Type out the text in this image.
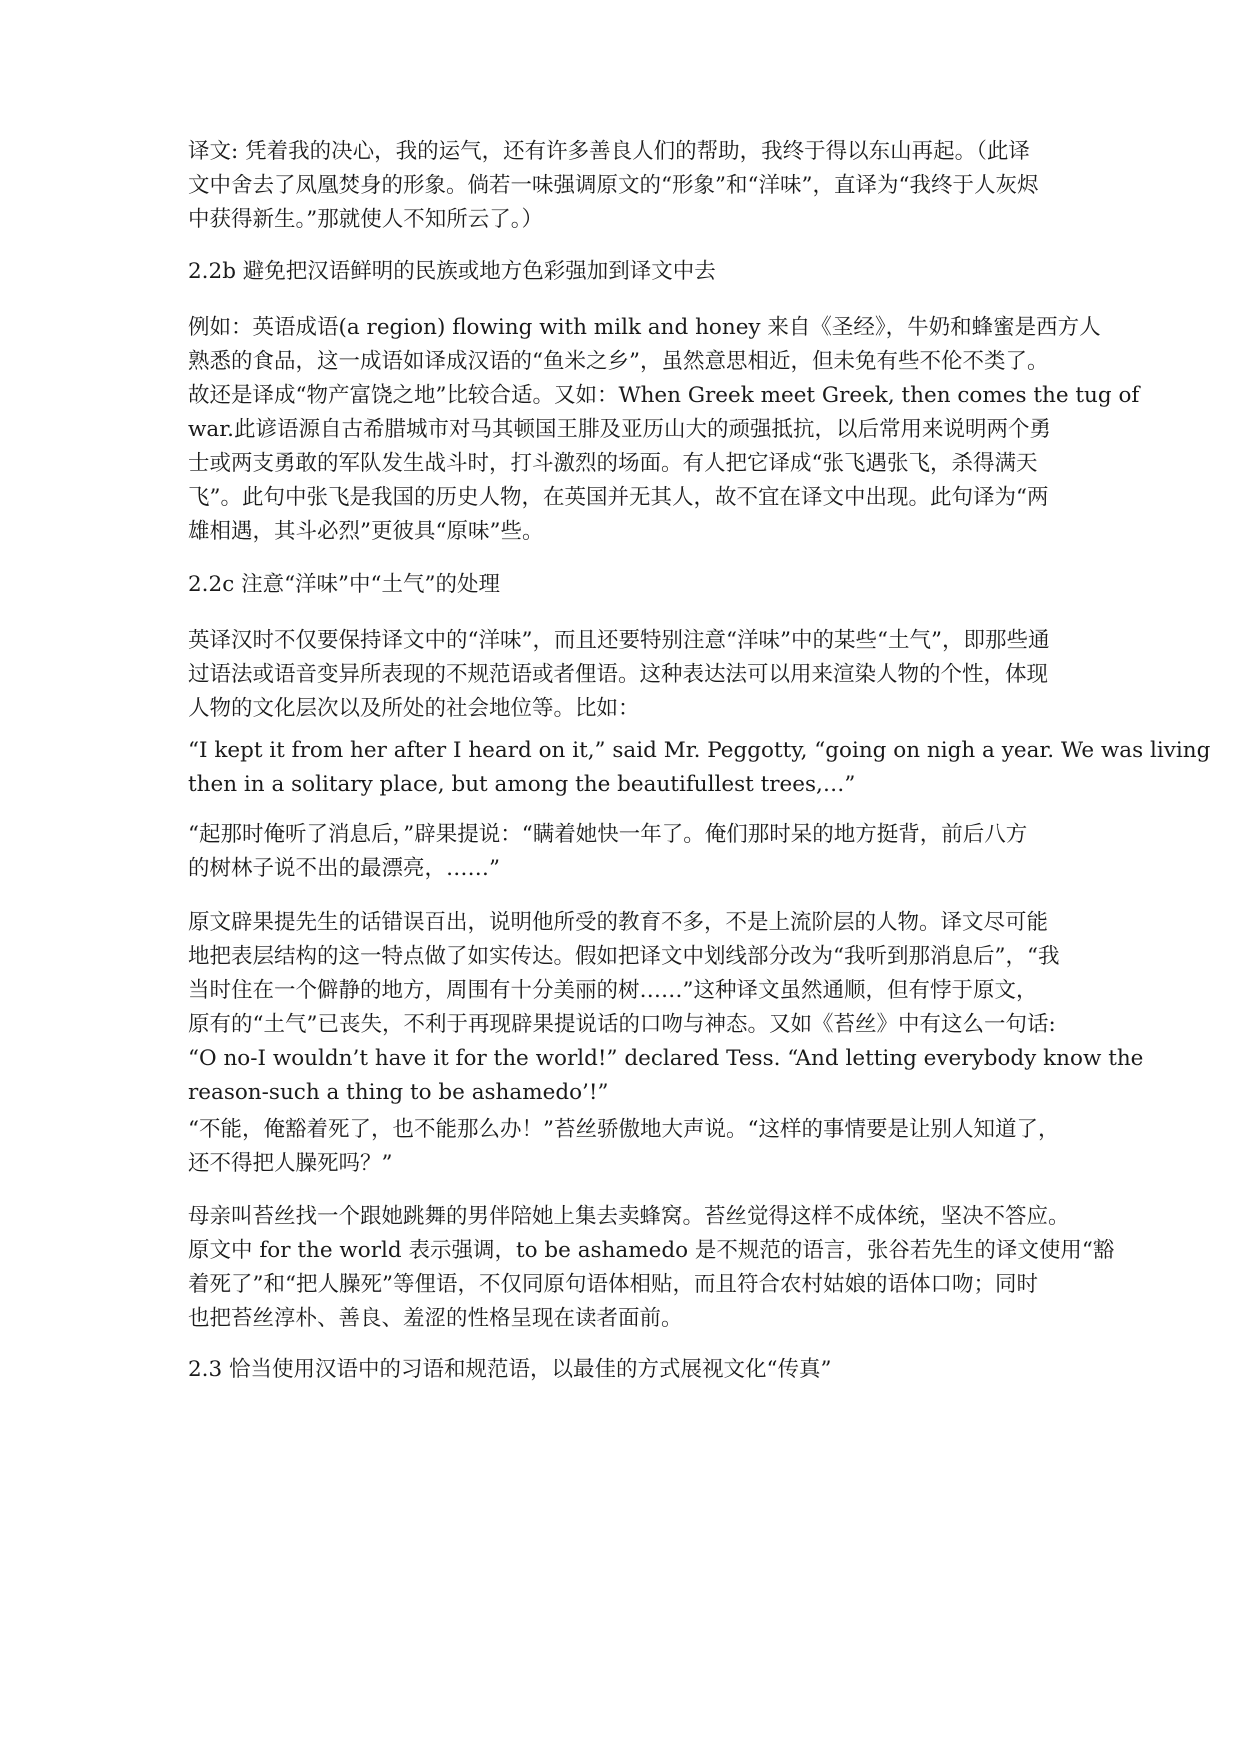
译文: 凭着我的决心，我的运气，还有许多善良人们的帮助，我终于得以东山再起。（此译
文中舍去了凤凰焚身的形象。倘若一味强调原文的“形象”和“洋味”，直译为“我终于人灰烬
中获得新生。”那就使人不知所云了。）
2.2b 避免把汉语鲜明的民族或地方色彩强加到译文中去
例如：英语成语(a region) flowing with milk and honey 来自《圣经》，牛奶和蜂蜜是西方人
熟悉的食品，这一成语如译成汉语的“鱼米之乡”，虽然意思相近，但未免有些不伦不类了。
故还是译成“物产富饶之地”比较合适。又如：When Greek meet Greek, then comes the tug of
war.此谚语源自古希腊城市对马其顿国王腓及亚历山大的顽强抵抗，以后常用来说明两个勇
士或两支勇敢的军队发生战斗时，打斗激烈的场面。有人把它译成“张飞遇张飞，杀得满天
飞”。此句中张飞是我国的历史人物，在英国并无其人，故不宜在译文中出现。此句译为“两
雄相遇，其斗必烈”更彼具“原味”些。
2.2c 注意“洋味”中“土气”的处理
英译汉时不仅要保持译文中的“洋味”，而且还要特别注意“洋味”中的某些“土气”，即那些通
过语法或语音变异所表现的不规范语或者俚语。这种表达法可以用来渲染人物的个性，体现
人物的文化层次以及所处的社会地位等。比如：
“I kept it from her after I heard on it,” said Mr. Peggotty, “going on nigh a year. We was living
then in a solitary place, but among the beautifullest trees,…”
“起那时俺听了消息后，”辟果提说：“瞒着她快一年了。俺们那时呆的地方挺背，前后八方
的树林子说不出的最漂亮，……”
原文辟果提先生的话错误百出，说明他所受的教育不多，不是上流阶层的人物。译文尽可能
地把表层结构的这一特点做了如实传达。假如把译文中划线部分改为“我听到那消息后”，“我
当时住在一个僻静的地方，周围有十分美丽的树……”这种译文虽然通顺，但有悖于原文，
原有的“土气”已丧失，不利于再现辟果提说话的口吻与神态。又如《苔丝》中有这么一句话:
“O no-I wouldn’t have it for the world!” declared Tess. “And letting everybody know the
reason-such a thing to be ashamedo’!”
“不能，俺豁着死了，也不能那么办！”苔丝骄傲地大声说。“这样的事情要是让别人知道了，
还不得把人臊死吗？”
母亲叫苔丝找一个跟她跳舞的男伴陪她上集去卖蜂窝。苔丝觉得这样不成体统，坚决不答应。
原文中 for the world 表示强调，to be ashamedo 是不规范的语言，张谷若先生的译文使用“豁
着死了”和“把人臊死”等俚语，不仅同原句语体相贴，而且符合农村姑娘的语体口吻；同时
也把苔丝淳朴、善良、羞涩的性格呈现在读者面前。
2.3 恰当使用汉语中的习语和规范语，以最佳的方式展视文化“传真”
